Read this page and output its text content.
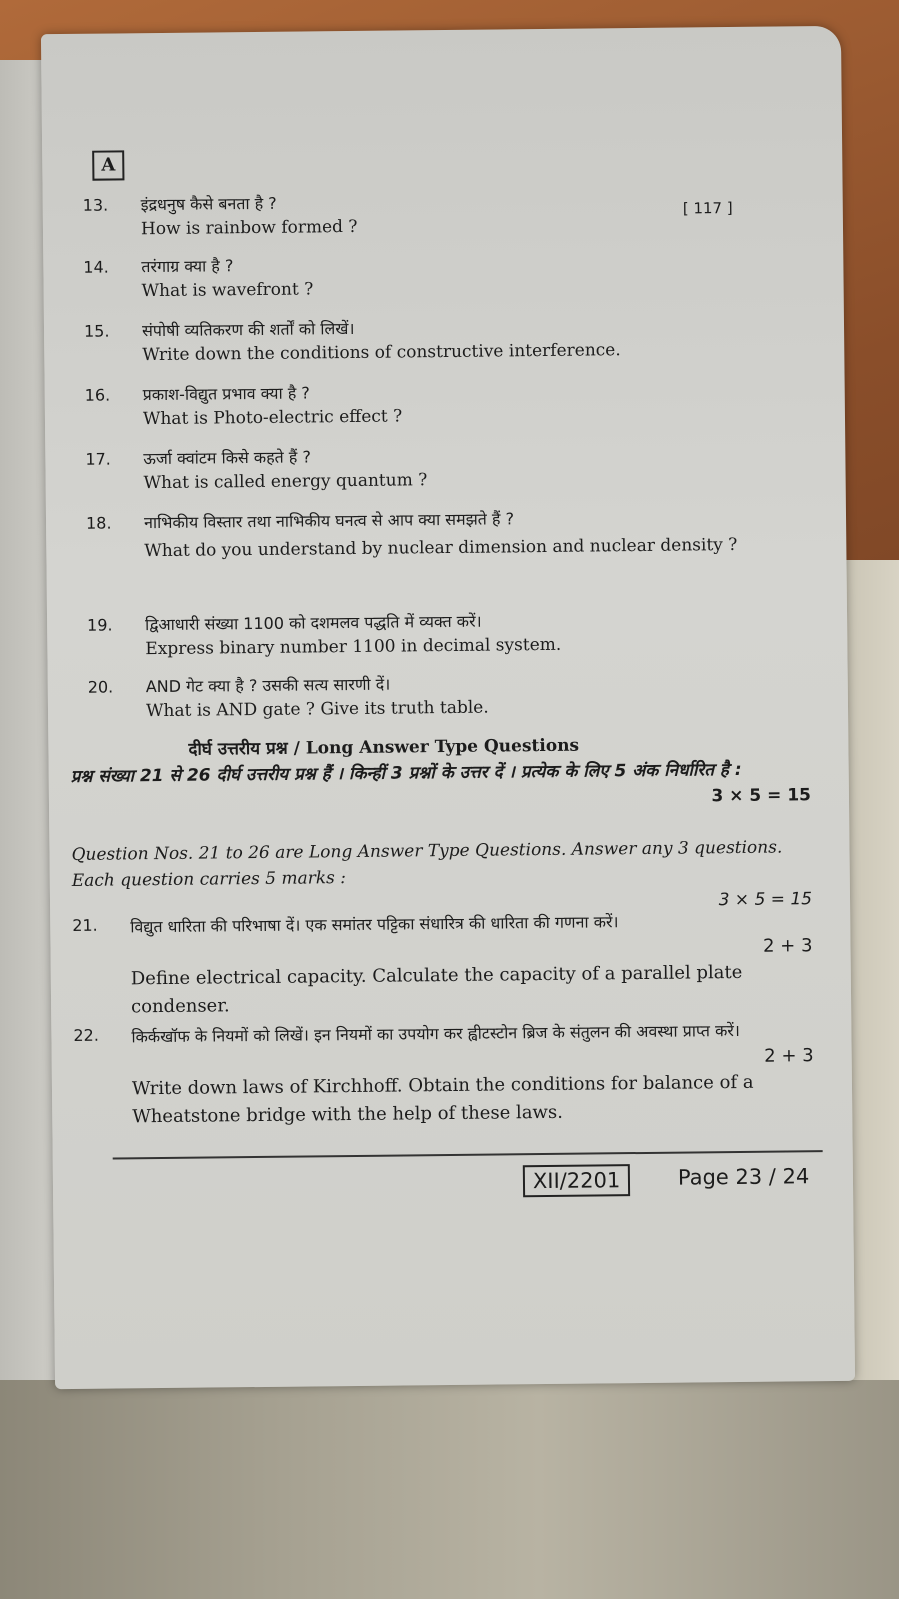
A
[ 117 ]
13.	इंद्रधनुष कैसे बनता है ?
How is rainbow formed ?
14.	तरंगाग्र क्या है ?
What is wavefront ?
15.	संपोषी व्यतिकरण की शर्तों को लिखें।
Write down the conditions of constructive interference.
16.	प्रकाश-विद्युत प्रभाव क्या है ?
What is Photo-electric effect ?
17.	ऊर्जा क्वांटम किसे कहते हैं ?
What is called energy quantum ?
18.	नाभिकीय विस्तार तथा नाभिकीय घनत्व से आप क्या समझते हैं ?
What do you understand by nuclear dimension and nuclear density ?
19.	द्विआधारी संख्या 1100 को दशमलव पद्धति में व्यक्त करें।
Express binary number 1100 in decimal system.
20.	AND गेट क्या है ? उसकी सत्य सारणी दें।
What is AND gate ? Give its truth table.
दीर्घ उत्तरीय प्रश्न / Long Answer Type Questions
प्रश्न संख्या 21 से 26 दीर्घ उत्तरीय प्रश्न हैं । किन्हीं 3 प्रश्नों के उत्तर दें । प्रत्येक के लिए 5 अंक निर्धारित है :
3 × 5 = 15
Question Nos. 21 to 26 are Long Answer Type Questions. Answer any 3 questions. Each question carries 5 marks :
3 × 5 = 15
21.	विद्युत धारिता की परिभाषा दें। एक समांतर पट्टिका संधारित्र की धारिता की गणना करें।
2 + 3
Define electrical capacity. Calculate the capacity of a parallel plate condenser.
22.	किर्कखॉफ के नियमों को लिखें। इन नियमों का उपयोग कर ह्वीटस्टोन ब्रिज के संतुलन की अवस्था प्राप्त करें।
2 + 3
Write down laws of Kirchhoff. Obtain the conditions for balance of a Wheatstone bridge with the help of these laws.
XII/2201	Page 23 / 24
